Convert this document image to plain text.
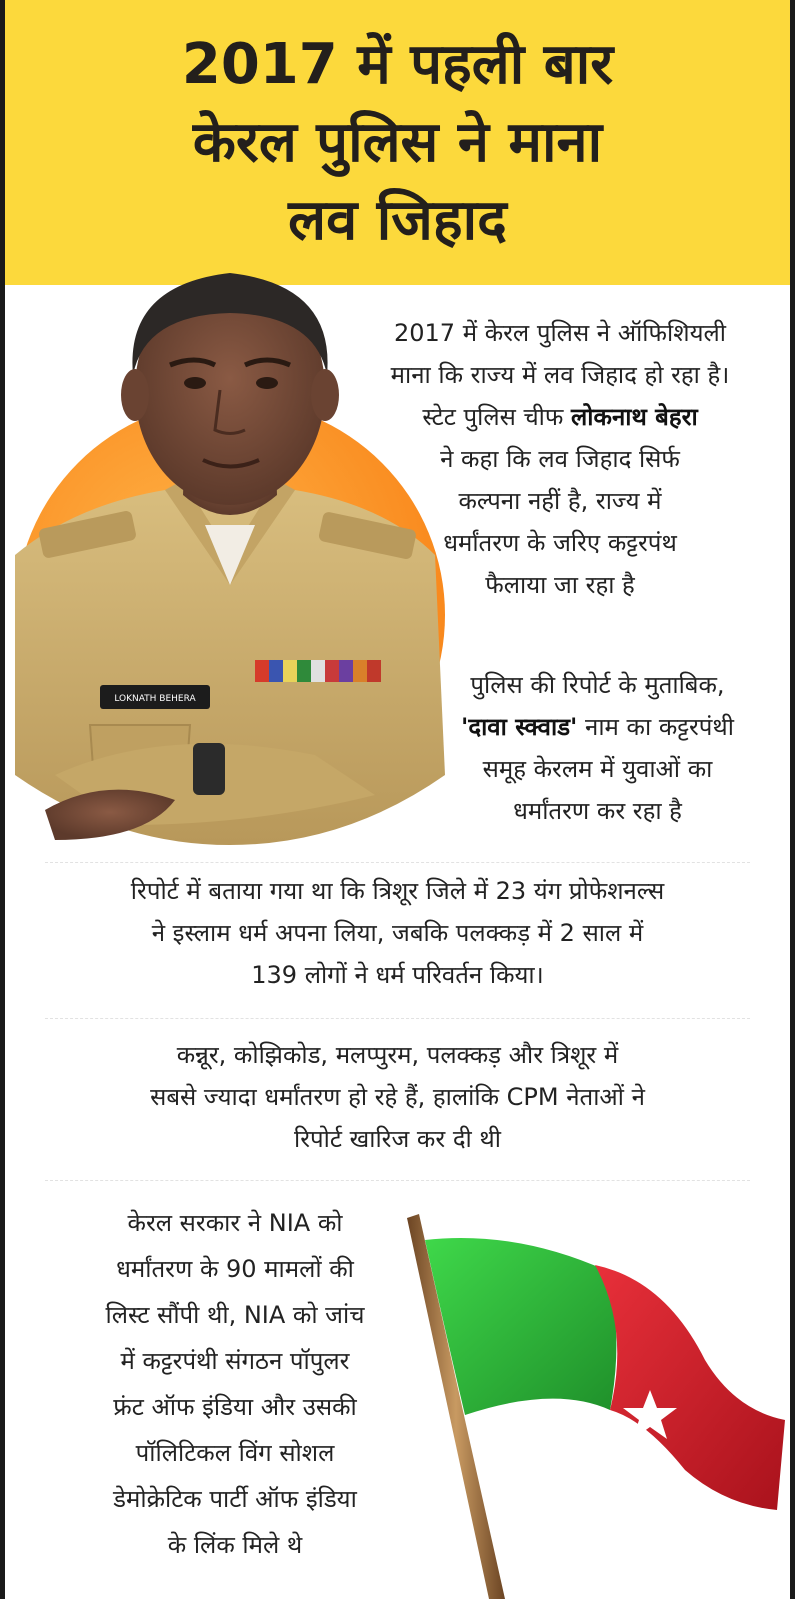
2017 में पहली बार
केरल पुलिस ने माना
लव जिहाद
LOKNATH BEHERA
2017 में केरल पुलिस ने ऑफिशियली
माना कि राज्य में लव जिहाद हो रहा है।
स्टेट पुलिस चीफ लोकनाथ बेहरा
ने कहा कि लव जिहाद सिर्फ
कल्पना नहीं है, राज्य में
धर्मांतरण के जरिए कट्टरपंथ
फैलाया जा रहा है
पुलिस की रिपोर्ट के मुताबिक,
'दावा स्क्वाड' नाम का कट्टरपंथी
समूह केरलम में युवाओं का
धर्मांतरण कर रहा है
रिपोर्ट में बताया गया था कि त्रिशूर जिले में 23 यंग प्रोफेशनल्स
ने इस्लाम धर्म अपना लिया, जबकि पलक्कड़ में 2 साल में
139 लोगों ने धर्म परिवर्तन किया।
कन्नूर, कोझिकोड, मलप्पुरम, पलक्कड़ और त्रिशूर में
सबसे ज्यादा धर्मांतरण हो रहे हैं, हालांकि CPM नेताओं ने
रिपोर्ट खारिज कर दी थी
केरल सरकार ने NIA को
धर्मांतरण के 90 मामलों की
लिस्ट सौंपी थी, NIA को जांच
में कट्टरपंथी संगठन पॉपुलर
फ्रंट ऑफ इंडिया और उसकी
पॉलिटिकल विंग सोशल
डेमोक्रेटिक पार्टी ऑफ इंडिया
के लिंक मिले थे
